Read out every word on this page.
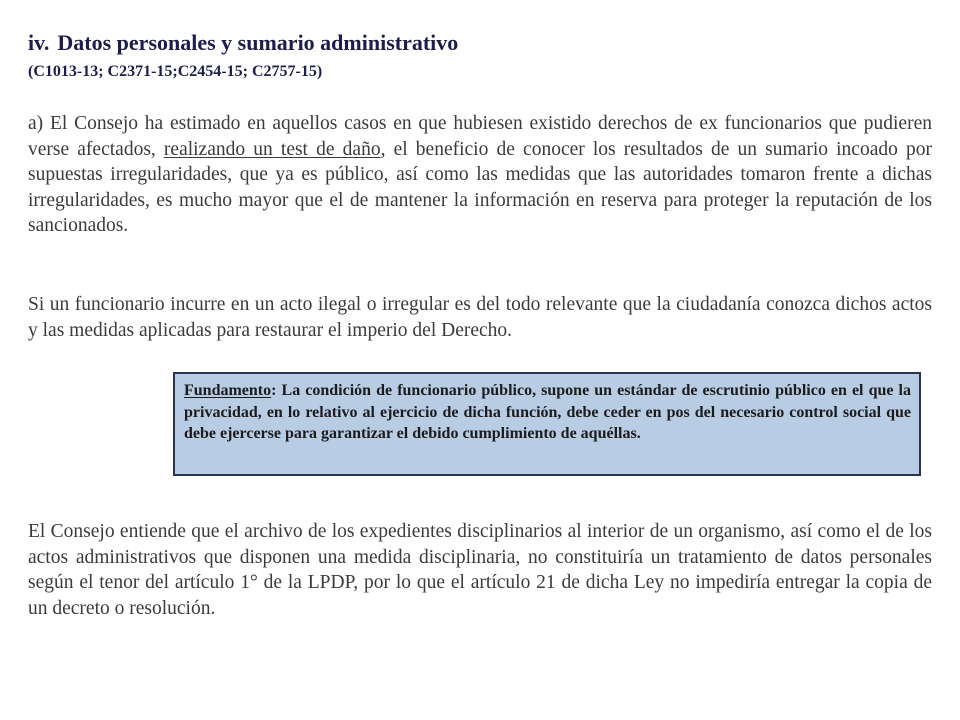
iv. Datos personales y sumario administrativo
(C1013-13; C2371-15;C2454-15; C2757-15)

a) El Consejo ha estimado en aquellos casos en que hubiesen existido derechos de ex funcionarios que pudieren verse afectados, realizando un test de daño, el beneficio de conocer los resultados de un sumario incoado por supuestas irregularidades, que ya es público, así como las medidas que las autoridades tomaron frente a dichas irregularidades, es mucho mayor que el de mantener la información en reserva para proteger la reputación de los sancionados.

Si un funcionario incurre en un acto ilegal o irregular es del todo relevante que la ciudadanía conozca dichos actos y las medidas aplicadas para restaurar el imperio del Derecho.

Fundamento: La condición de funcionario público, supone un estándar de escrutinio público en el que la privacidad, en lo relativo al ejercicio de dicha función, debe ceder en pos del necesario control social que debe ejercerse para garantizar el debido cumplimiento de aquéllas.

El Consejo entiende que el archivo de los expedientes disciplinarios al interior de un organismo, así como el de los actos administrativos que disponen una medida disciplinaria, no constituiría un tratamiento de datos personales según el tenor del artículo 1° de la LPDP, por lo que el artículo 21 de dicha Ley no impediría entregar la copia de un decreto o resolución.
